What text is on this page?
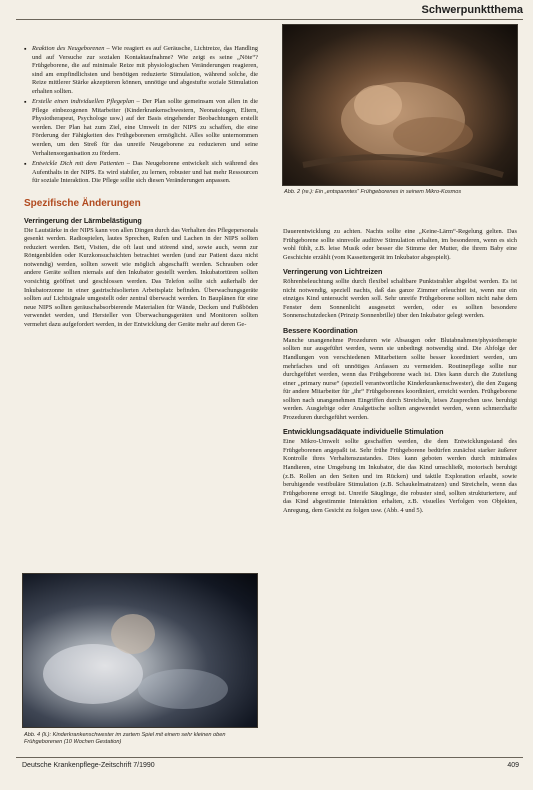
Schwerpunktthema
▪ Reaktion des Neugeborenen – Wie reagiert es auf Geräusche, Lichtreize, das Handling und auf Versuche zur sozialen Kontaktaufnahme? Wie zeigt es seine „Nöte“? Frühgeborene, die auf minimale Reize mit physiologischen Veränderungen reagieren, sind am empfindlichsten und benötigen reduzierte Stimulation, während solche, die Reize mittlerer Stärke akzeptieren können, unnötige und abgestufte soziale Stimulation erhalten sollten.
▪ Erstelle einen individuellen Pflegeplan – Der Plan sollte gemeinsam von allen in die Pflege einbezogenen Mitarbeiter (Kinderkrankenschwestern, Neonatologen, Eltern, Physiotherapeut, Psychologe usw.) auf der Basis eingehender Beobachtungen erstellt werden. Der Plan hat zum Ziel, eine Umwelt in der NIPS zu schaffen, die eine Förderung der Fähigkeiten des Frühgeborenen ermöglicht. Alles sollte unternommen werden, um den Streß für das unreife Neugeborene zu reduzieren und seine Verhaltensorganisation zu fördern.
▪ Entwickle Dich mit dem Patienten – Das Neugeborene entwickelt sich während des Aufenthalts in der NIPS. Es wird stabiler, zu lernen, robuster und hat mehr Ressourcen für soziale Interaktion. Die Pflege sollte sich diesen Veränderungen anpassen.
Spezifische Änderungen
Verringerung der Lärmbelästigung

Die Lautstärke in der NIPS kann von allen Dingen durch das Verhalten des Pflegepersonals gesenkt werden. Radiospielen, lautes Sprechen, Rufen und Lachen in der NIPS sollten reduziert werden. Bett, Visiten, die oft laut und störend sind, sowie auch, wenn zur Röntgenbilden oder Kurzkonsuchsichten betrachtet werden (und zur Patient dazu nicht notwendig) werden, sollten soweit wie möglich abgeschafft werden. Schrauben oder andere Geräte sollten niemals auf den Inkubator gestellt werden. Inkubatortüren sollten vorsichtig geöffnet und geschlossen werden. Das Telefon sollte sich außerhalb der Inkubatorzonne in einer gastrischisolierten Arbeitsplatz befinden. Überwachungsgeräte sollten auf Lichtsignale umgestellt oder zentral überwacht werden. In Bauplänen für eine neue NIPS sollten geräuschabsorbierende Materialien für Wände, Decken und Fußböden verwendet werden, und Hersteller von Überwachungsgeräten und Monitoren sollten vermehrt dazu aufgefordert werden, in der Entwicklung der Geräte mehr auf deren Ge-

Abb. 2 (re.): Ein „entspanntes“ Frühgeborenes in seinem Mikro-Kosmos

Dauerentwicklung zu achten. Nachts sollte eine „Keine-Lärm“-Regelung gelten. Das Frühgeborene sollte sinnvolle auditive Stimulation erhalten, im besonderen, wenn es sich wohl fühlt, z.B. leise Musik oder besser die Stimme der Mutter, die ihrem Baby eine Geschichte erzählt (vom Kassettengerät im Inkubator abgespielt).

Verringerung von Lichtreizen

Röhrenbeleuchtung sollte durch flexibel schaltbare Punktstrahler abgelöst werden. Es ist nicht notwendig, speziell nachts, daß das ganze Zimmer erleuchtet ist, wenn nur ein einziges Kind untersucht werden soll. Sehr unreife Frühgeborene sollten nicht nahe dem Fenster dem Sonnenlicht ausgesetzt werden, oder es sollten besondere Sonnenschutzdecken (Prinzip Sonnenbrille) über den Inkubator gelegt werden.

Bessere Koordination

Manche unangenehme Prozeduren wie Absaugen oder Blutabnahmen/physiotherapie sollten nur ausgeführt werden, wenn sie unbedingt notwendig sind. Die Abfolge der Handlungen von verschiedenen Mitarbeitern sollte besser koordiniert werden, um mehrfaches und oft unnötiges Anfassen zu vermeiden. Routinepflege sollte nur durchgeführt werden, wenn das Frühgeborene wach ist. Dies kann durch die Zuteilung einer „primary nurse“ (speziell verantwortliche Kinderkrankenschwester), die den Zugang für andere Mitarbeiter für „ihr“ Frühgeborenes koordiniert, erreicht werden. Frühgeborene sollten nach unangenehmen Eingriffen durch Streicheln, leises Zusprechen usw. beruhigt werden. Ausgiebige oder Analgetische sollten angewendet werden, wenn schmerzhafte Prozeduren durchgeführt werden.

Entwicklungsadäquate individuelle Stimulation

Eine Mikro-Umwelt sollte geschaffen werden, die dem Entwicklungsstand des Frühgeborenen angepaßt ist. Sehr frühe Frühgeborene bedürfen zunächst starker äußerer Kontrolle ihres Verhaltenszustandes. Dies kann geboten werden durch minimales Handieren, eine Umgebung im Inkubator, die das Kind umschließt, motorisch beruhigt (z.B. Rollen an den Seiten und im Rücken) und taktile Exploration erlaubt, sowie beruhigende vestibuläre Stimulation (z.B. Schaukelmatratzen) und Streicheln, wenn das Frühgeborene erregt ist. Unreife Säuglinge, die robuster sind, sollten strukturiertere, auf das Kind abgestimmte Interaktion erhalten, z.B. visuelles Verfolgen von Objekten, Anregung, dem Gesicht zu folgen usw. (Abb. 4 und 5).

Abb. 4 (li.): Kinderkrankenschwester im zartem Spiel mit einem sehr kleinen oben Frühgeborenen (10 Wochen Gestation)
Deutsche Krankenpflege-Zeitschrift 7/1990	409
